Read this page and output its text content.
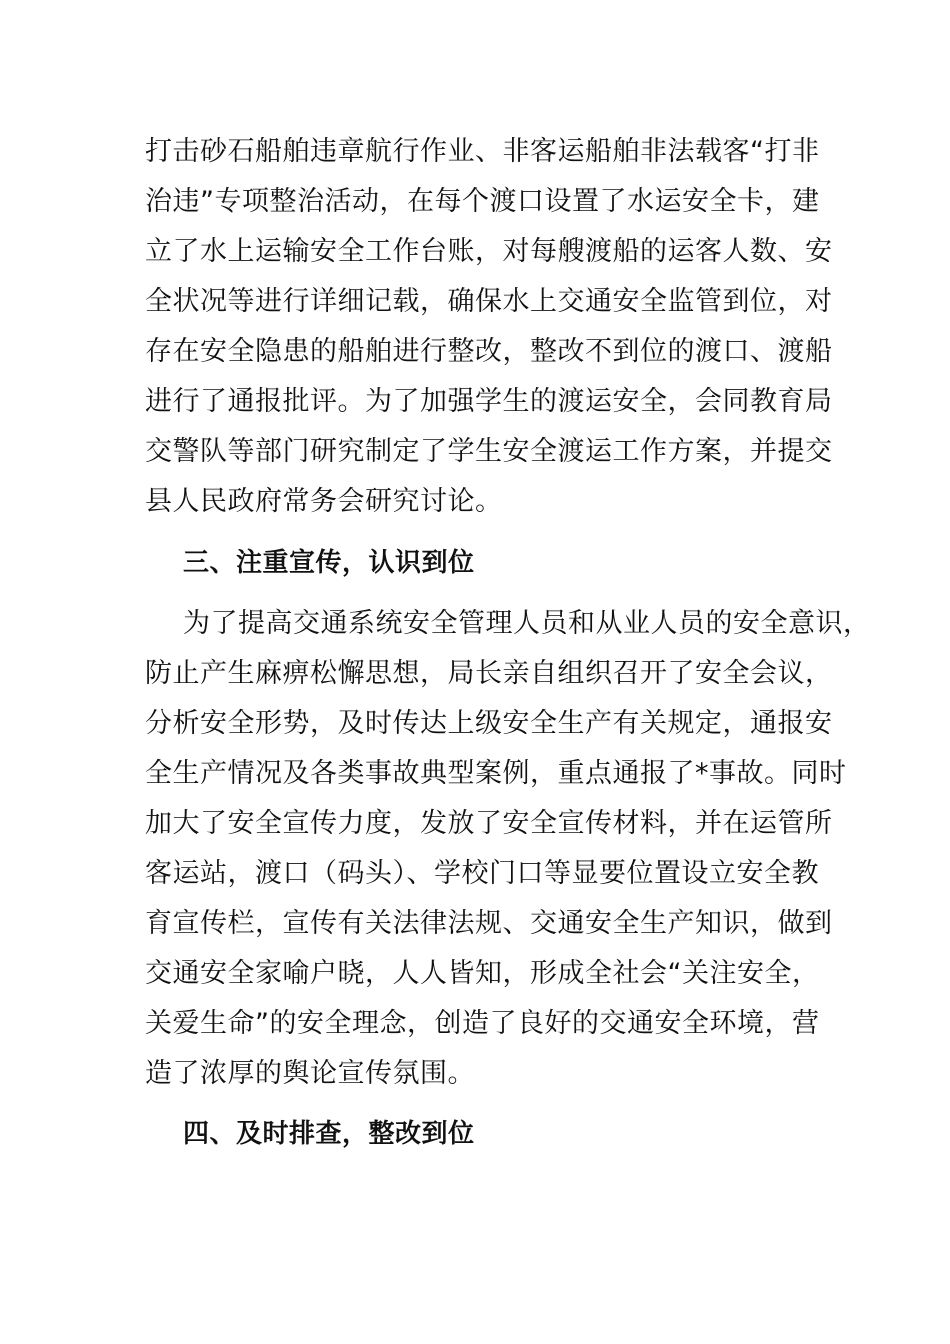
打击砂石船舶违章航行作业、非客运船舶非法载客“打非
治违”专项整治活动，在每个渡口设置了水运安全卡，建
立了水上运输安全工作台账，对每艘渡船的运客人数、安
全状况等进行详细记载，确保水上交通安全监管到位，对
存在安全隐患的船舶进行整改，整改不到位的渡口、渡船
进行了通报批评。为了加强学生的渡运安全，会同教育局
交警队等部门研究制定了学生安全渡运工作方案，并提交
县人民政府常务会研究讨论。
三、注重宣传，认识到位
为了提高交通系统安全管理人员和从业人员的安全意识，
防止产生麻痹松懈思想，局长亲自组织召开了安全会议，
分析安全形势，及时传达上级安全生产有关规定，通报安
全生产情况及各类事故典型案例，重点通报了*事故。同时
加大了安全宣传力度，发放了安全宣传材料，并在运管所
客运站，渡口（码头）、学校门口等显要位置设立安全教
育宣传栏，宣传有关法律法规、交通安全生产知识，做到
交通安全家喻户晓，人人皆知，形成全社会“关注安全，
关爱生命”的安全理念，创造了良好的交通安全环境，营
造了浓厚的舆论宣传氛围。
四、及时排查，整改到位
